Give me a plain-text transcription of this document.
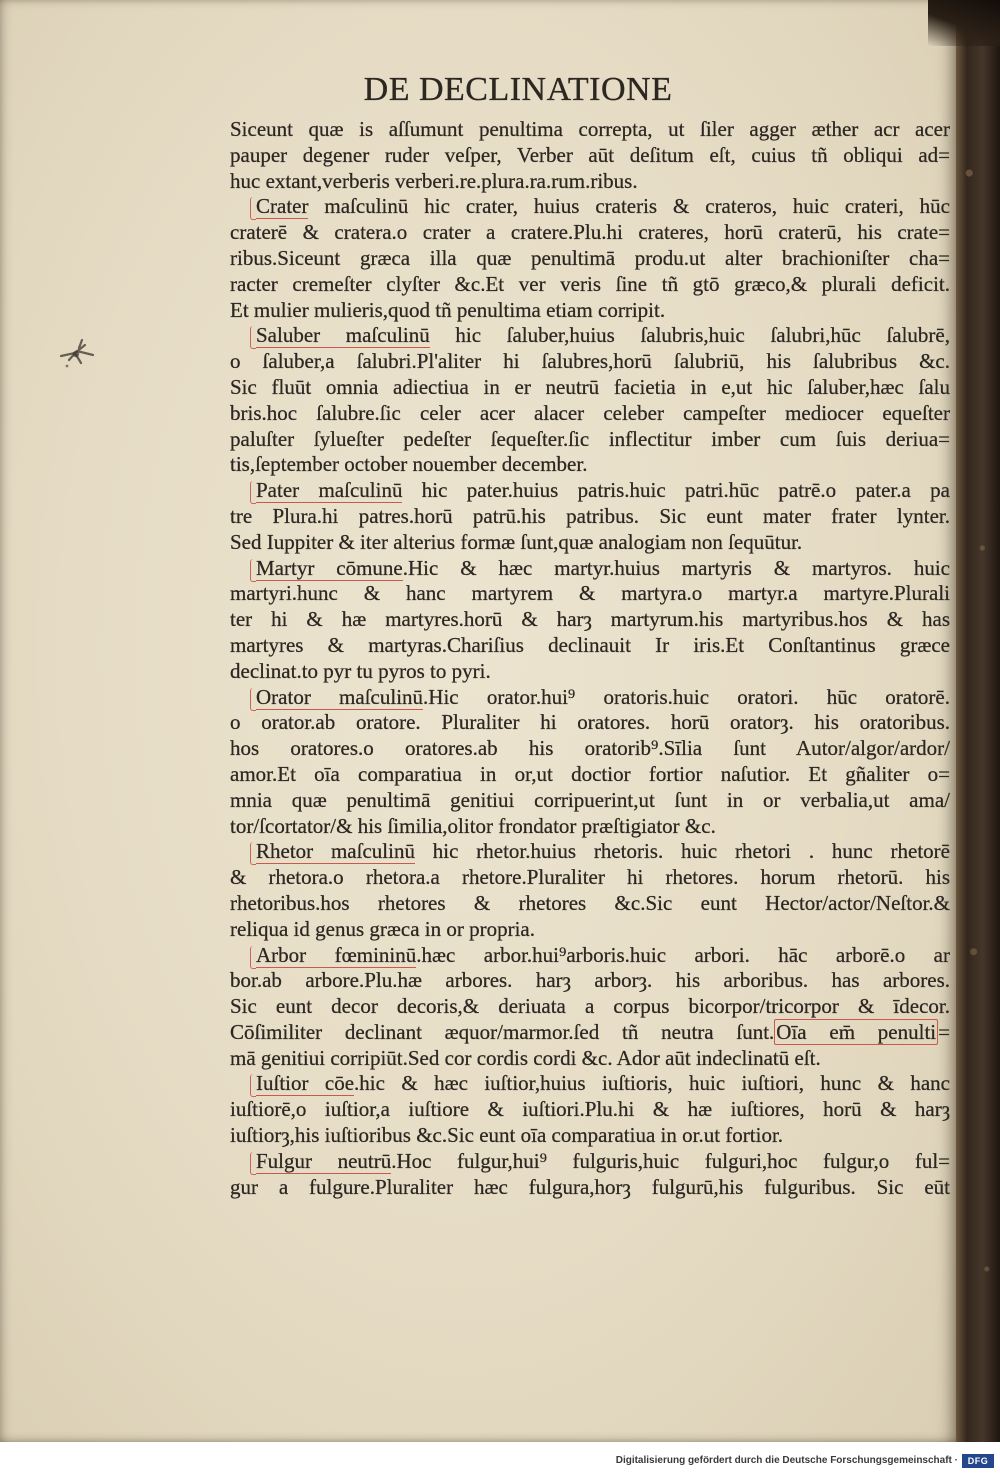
DE DECLINATIONE
Siceunt quæ is aſſumunt penultima correpta, ut ſiler agger æther acr acer
pauper degener ruder veſper, Verber aūt deſitum eſt, cuius tñ obliqui ad=
huc extant,verberis verberi.re.plura.ra.rum.ribus.
Crater maſculinū hic crater, huius crateris & crateros, huic crateri, hūc
craterē & cratera.o crater a cratere.Plu.hi crateres, horū craterū, his crate=
ribus.Siceunt græca illa quæ penultimā produ.ut alter brachioniſter cha=
racter cremeſter clyſter &c.Et ver veris ſine tñ gtō græco,& plurali deficit.
Et mulier mulieris,quod tñ penultima etiam corripit.
Saluber maſculinū hic ſaluber,huius ſalubris,huic ſalubri,hūc ſalubrē,
o ſaluber,a ſalubri.Pl'aliter hi ſalubres,horū ſalubriū, his ſalubribus &c.
Sic fluūt omnia adiectiua in er neutrū facietia in e,ut hic ſaluber,hæc ſalu
bris.hoc ſalubre.ſic celer acer alacer celeber campeſter mediocer equeſter
paluſter ſylueſter pedeſter ſequeſter.ſic inflectitur imber cum ſuis deriua=
tis,ſeptember october nouember december.
Pater maſculinū hic pater.huius patris.huic patri.hūc patrē.o pater.a pa
tre Plura.hi patres.horū patrū.his patribus. Sic eunt mater frater lynter.
Sed Iuppiter & iter alterius formæ ſunt,quæ analogiam non ſequūtur.
Martyr cōmune.Hic & hæc martyr.huius martyris & martyros. huic
martyri.hunc & hanc martyrem & martyra.o martyr.a martyre.Plurali
ter hi & hæ martyres.horū & harȝ martyrum.his martyribus.hos & has
martyres & martyras.Chariſius declinauit Ir iris.Et Conſtantinus græce
declinat.to pyr tu pyros to pyri.
Orator maſculinū.Hic orator.hui⁹ oratoris.huic oratori. hūc oratorē.
o orator.ab oratore. Pluraliter hi oratores. horū oratorȝ. his oratoribus.
hos oratores.o oratores.ab his oratorib⁹.Sīlia ſunt Autor/algor/ardor/
amor.Et oīa comparatiua in or,ut doctior fortior naſutior. Et gñaliter o=
mnia quæ penultimā genitiui corripuerint,ut ſunt in or verbalia,ut ama/
tor/ſcortator/& his ſimilia,olitor frondator præſtigiator &c.
Rhetor maſculinū hic rhetor.huius rhetoris. huic rhetori . hunc rhetorē
& rhetora.o rhetora.a rhetore.Pluraliter hi rhetores. horum rhetorū. his
rhetoribus.hos rhetores & rhetores &c.Sic eunt Hector/actor/Neſtor.&
reliqua id genus græca in or propria.
Arbor fœmininū.hæc arbor.hui⁹arboris.huic arbori. hāc arborē.o ar
bor.ab arbore.Plu.hæ arbores. harȝ arborȝ. his arboribus. has arbores.
Sic eunt decor decoris,& deriuata a corpus bicorpor/tricorpor & īdecor.
Cōſimiliter declinant æquor/marmor.ſed tñ neutra ſunt.Oīa em̄ penulti=
mā genitiui corripiūt.Sed cor cordis cordi &c. Ador aūt indeclinatū eſt.
Iuſtior cōe.hic & hæc iuſtior,huius iuſtioris, huic iuſtiori, hunc & hanc
iuſtiorē,o iuſtior,a iuſtiore & iuſtiori.Plu.hi & hæ iuſtiores, horū & harȝ
iuſtiorȝ,his iuſtioribus &c.Sic eunt oīa comparatiua in or.ut fortior.
Fulgur neutrū.Hoc fulgur,hui⁹ fulguris,huic fulguri,hoc fulgur,o ful=
gur a fulgure.Pluraliter hæc fulgura,horȝ fulgurū,his fulguribus. Sic eūt
Digitalisierung gefördert durch die Deutsche Forschungsgemeinschaft ·	DFG
